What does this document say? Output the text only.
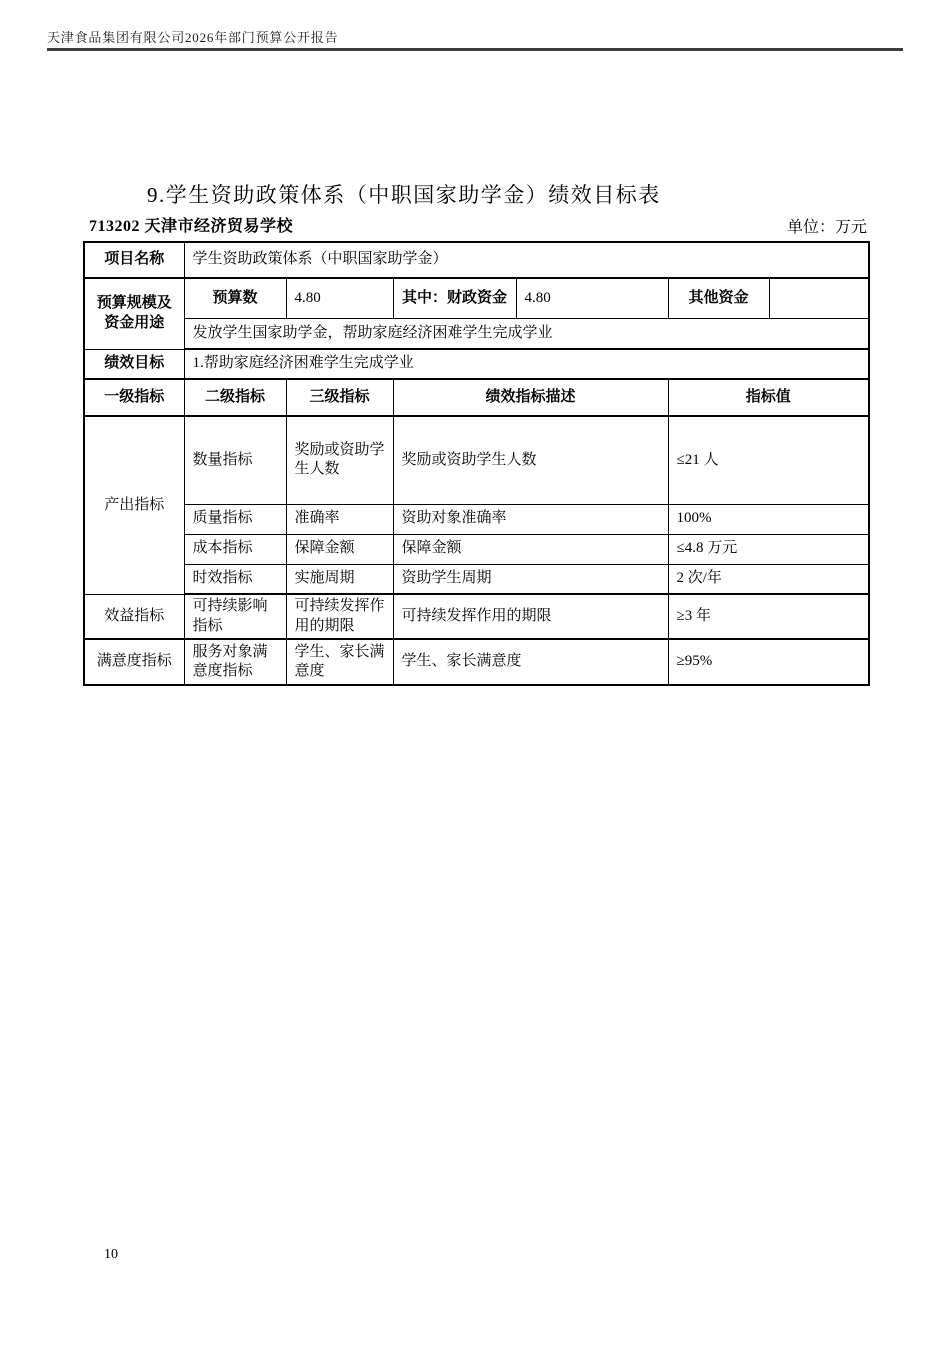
天津食品集团有限公司2026年部门预算公开报告
9.学生资助政策体系（中职国家助学金）绩效目标表
713202 天津市经济贸易学校	单位：万元
项目名称	学生资助政策体系（中职国家助学金）					
预算规模及资金用途	预算数	4.80	其中：财政资金	4.80	其他资金	
	发放学生国家助学金，帮助家庭经济困难学生完成学业					
绩效目标	1.帮助家庭经济困难学生完成学业					
一级指标	二级指标	三级指标	绩效指标描述		指标值	
产出指标	数量指标	奖励或资助学生人数	奖励或资助学生人数		≤21 人	
	质量指标	准确率	资助对象准确率		100%	
	成本指标	保障金额	保障金额		≤4.8 万元	
	时效指标	实施周期	资助学生周期		2 次/年	
效益指标	可持续影响指标	可持续发挥作用的期限	可持续发挥作用的期限		≥3 年	
满意度指标	服务对象满意度指标	学生、家长满意度	学生、家长满意度		≥95%	
10
